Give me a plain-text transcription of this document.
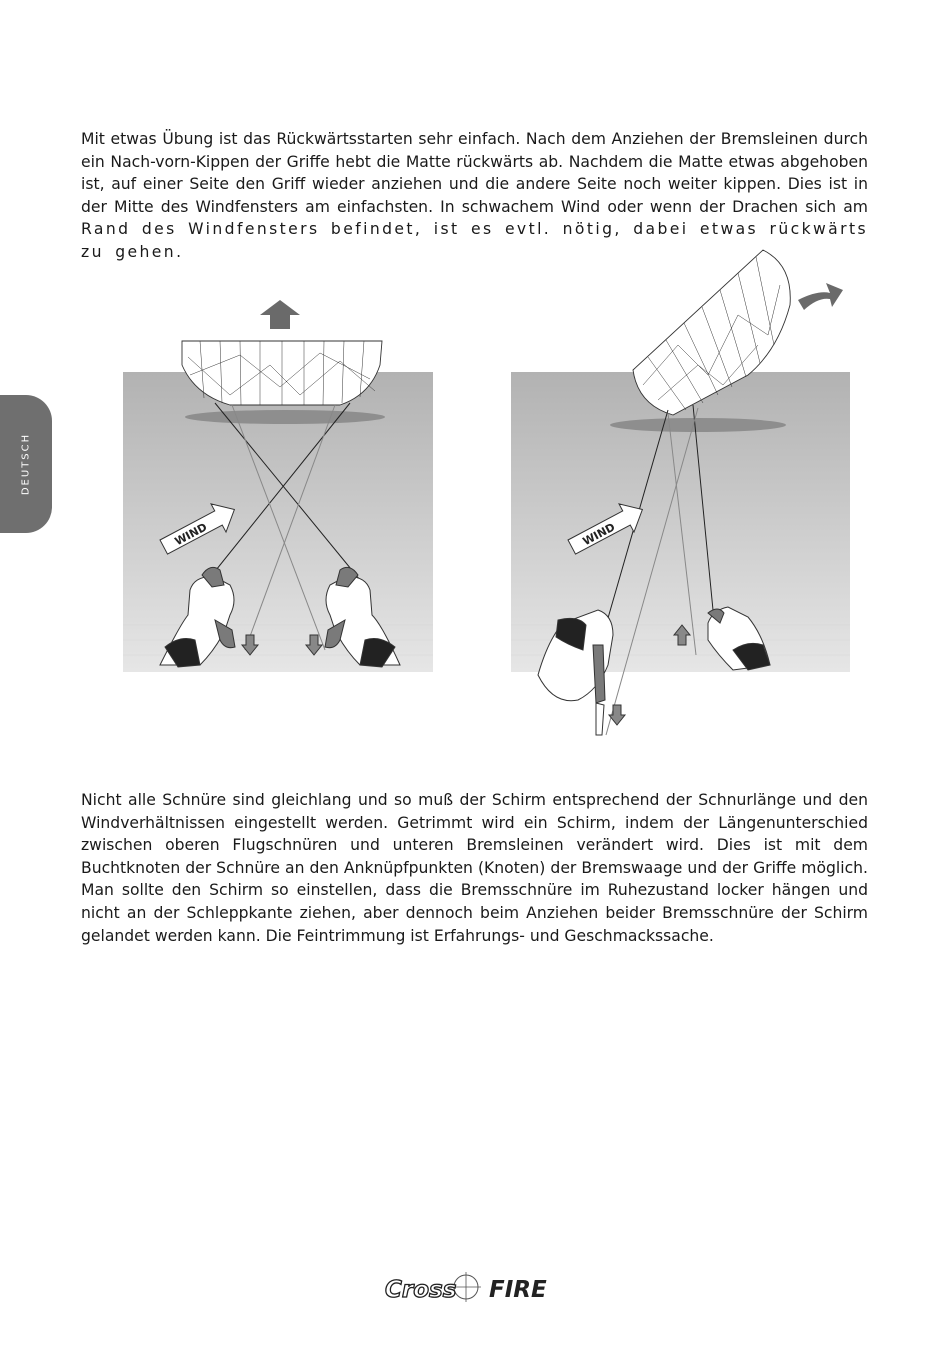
Mit etwas Übung ist das Rückwärtsstarten sehr einfach. Nach dem Anziehen der Bremsleinen durch ein Nach-vorn-Kippen der Griffe hebt die Matte rückwärts ab. Nachdem die Matte etwas abgehoben ist, auf einer Seite den Griff wieder anziehen und die andere Seite noch weiter kippen. Dies ist in der Mitte des Windfensters am einfachsten. In schwachem Wind oder wenn der Drachen sich am Rand des Windfensters befindet, ist es evtl. nötig, dabei etwas rückwärts zu gehen.

DEUTSCH
WIND	WIND

Nicht alle Schnüre sind gleichlang und so muß der Schirm entsprechend der Schnurlänge und den Windverhältnissen eingestellt werden. Getrimmt wird ein Schirm, indem der Längenunterschied zwischen oberen Flugschnüren und unteren Bremsleinen verändert wird. Dies ist mit dem Buchtknoten der Schnüre an den Anknüpfpunkten (Knoten) der Bremswaage und der Griffe möglich. Man sollte den Schirm so einstellen, dass die Bremsschnüre im Ruhezustand locker hängen und nicht an der Schleppkante ziehen, aber dennoch beim Anziehen beider Bremsschnüre der Schirm gelandet werden kann. Die Feintrimmung ist Erfahrungs- und Geschmackssache.

Cross FIRE
